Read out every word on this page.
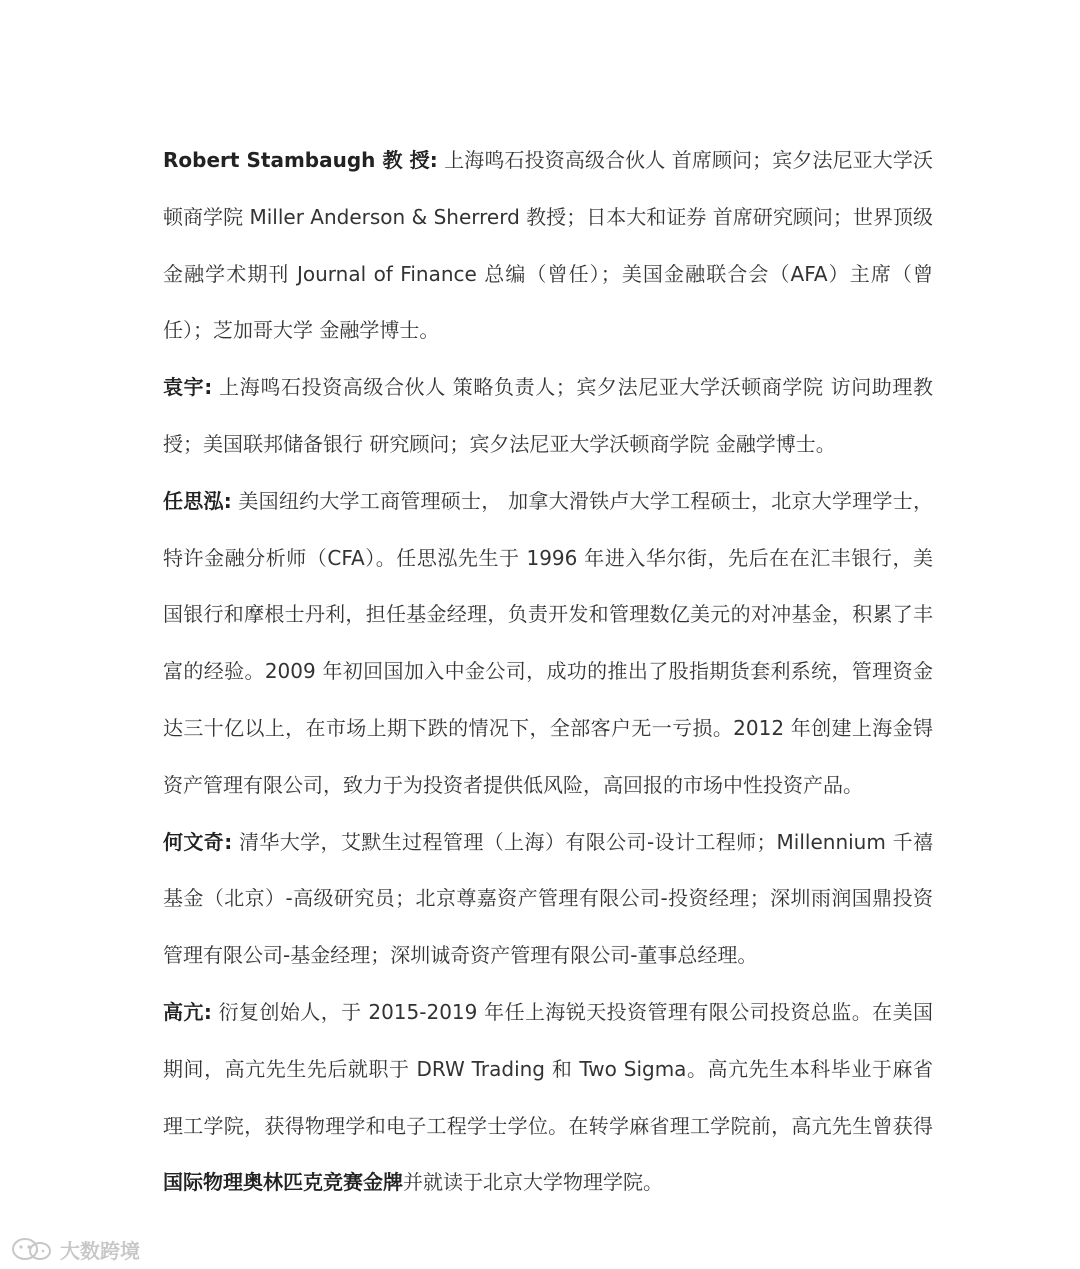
Robert Stambaugh 教 授: 上海鸣石投资高级合伙人 首席顾问；宾夕法尼亚大学沃顿商学院 Miller Anderson & Sherrerd 教授；日本大和证券 首席研究顾问；世界顶级金融学术期刊 Journal of Finance 总编（曾任）；美国金融联合会（AFA）主席（曾任）；芝加哥大学 金融学博士。

袁宇: 上海鸣石投资高级合伙人 策略负责人；宾夕法尼亚大学沃顿商学院 访问助理教授；美国联邦储备银行 研究顾问；宾夕法尼亚大学沃顿商学院 金融学博士。

任思泓: 美国纽约大学工商管理硕士， 加拿大滑铁卢大学工程硕士，北京大学理学士，特许金融分析师（CFA）。任思泓先生于 1996 年进入华尔街，先后在在汇丰银行，美国银行和摩根士丹利，担任基金经理，负责开发和管理数亿美元的对冲基金，积累了丰富的经验。2009 年初回国加入中金公司，成功的推出了股指期货套利系统，管理资金达三十亿以上，在市场上期下跌的情况下，全部客户无一亏损。2012 年创建上海金锝资产管理有限公司，致力于为投资者提供低风险，高回报的市场中性投资产品。

何文奇: 清华大学，艾默生过程管理（上海）有限公司-设计工程师；Millennium 千禧基金（北京）-高级研究员；北京尊嘉资产管理有限公司-投资经理；深圳雨润国鼎投资管理有限公司-基金经理；深圳诚奇资产管理有限公司-董事总经理。

高亢: 衍复创始人，于 2015-2019 年任上海锐天投资管理有限公司投资总监。在美国期间，高亢先生先后就职于 DRW Trading 和 Two Sigma。高亢先生本科毕业于麻省理工学院，获得物理学和电子工程学士学位。在转学麻省理工学院前，高亢先生曾获得国际物理奥林匹克竞赛金牌并就读于北京大学物理学院。

大数跨境
